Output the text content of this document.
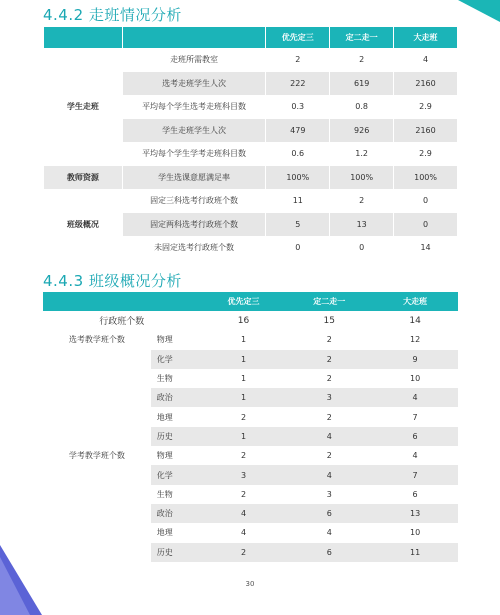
4.4.2 走班情况分析
		优先定三	定二走一	大走班
学生走班	走班所需教室	2	2	4
	选考走班学生人次	222	619	2160
	平均每个学生选考走班科目数	0.3	0.8	2.9
	学生走班学生人次	479	926	2160
	平均每个学生学考走班科目数	0.6	1.2	2.9
教师资源	学生选课意愿满足率	100%	100%	100%
班级概况	固定三科选考行政班个数	11	2	0
	固定两科选考行政班个数	5	13	0
	未固定选考行政班个数	0	0	14
4.4.3 班级概况分析
		优先定三	定二走一	大走班
行政班个数		16	15	14
选考教学班个数	物理	1	2	12
	化学	1	2	9
	生物	1	2	10
	政治	1	3	4
	地理	2	2	7
	历史	1	4	6
学考教学班个数	物理	2	2	4
	化学	3	4	7
	生物	2	3	6
	政治	4	6	13
	地理	4	4	10
	历史	2	6	11
30
